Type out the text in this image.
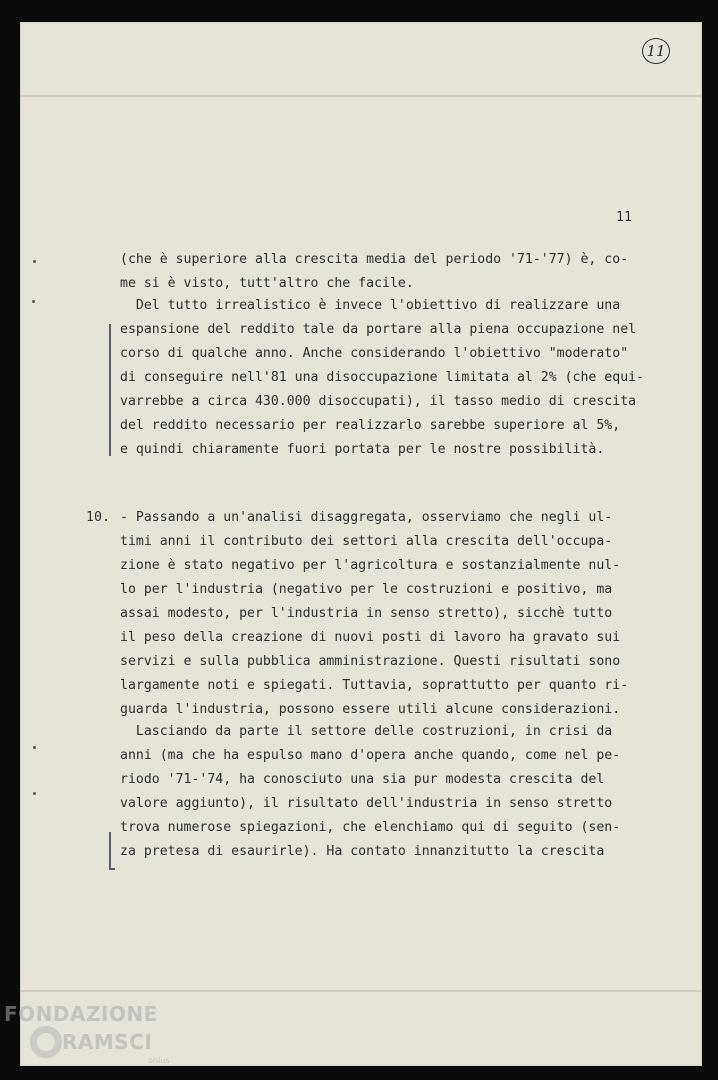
11
11
(che è superiore alla crescita media del periodo '71-'77) è, co-
me si è visto, tutt'altro che facile.
Del tutto irrealistico è invece l'obiettivo di realizzare una
espansione del reddito tale da portare alla piena occupazione nel
corso di qualche anno. Anche considerando l'obiettivo "moderato"
di conseguire nell'81 una disoccupazione limitata al 2% (che equi-
varrebbe a circa 430.000 disoccupati), il tasso medio di crescita
del reddito necessario per realizzarlo sarebbe superiore al 5%,
e quindi chiaramente fuori portata per le nostre possibilità.
10. - Passando a un'analisi disaggregata, osserviamo che negli ul-
timi anni il contributo dei settori alla crescita dell'occupa-
zione è stato negativo per l'agricoltura e sostanzialmente nul-
lo per l'industria (negativo per le costruzioni e positivo, ma
assai modesto, per l'industria in senso stretto), sicchè tutto
il peso della creazione di nuovi posti di lavoro ha gravato sui
servizi e sulla pubblica amministrazione. Questi risultati sono
largamente noti e spiegati. Tuttavia, soprattutto per quanto ri-
guarda l'industria, possono essere utili alcune considerazioni.
Lasciando da parte il settore delle costruzioni, in crisi da
anni (ma che ha espulso mano d'opera anche quando, come nel pe-
riodo '71-'74, ha conosciuto una sia pur modesta crescita del
valore aggiunto), il risultato dell'industria in senso stretto
trova numerose spiegazioni, che elenchiamo qui di seguito (sen-
za pretesa di esaurirle). Ha contato innanzitutto la crescita
FONDAZIONE
RAMSCI
onlus
